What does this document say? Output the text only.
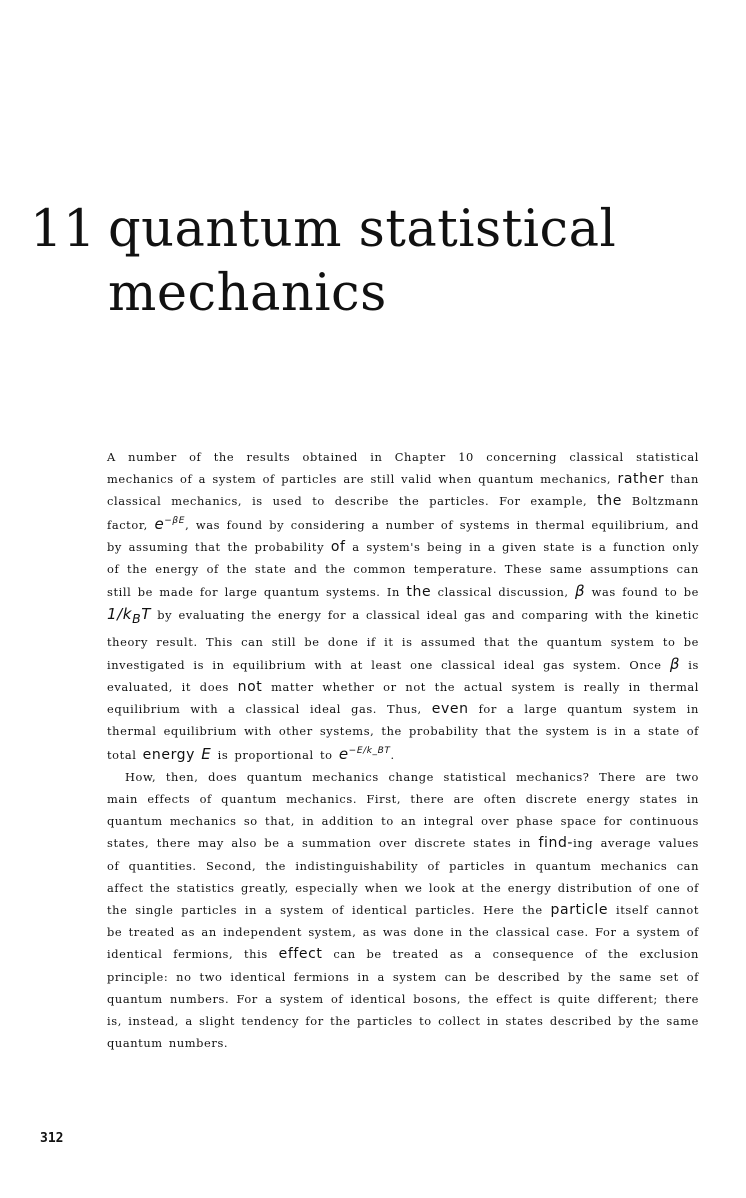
11 quantum statistical
mechanics

A number of the results obtained in Chapter 10 concerning classical statistical mechanics of a system of particles are still valid when quantum mechanics, rather than classical mechanics, is used to describe the particles. For example, the Boltzmann factor, $e^{-\beta E}$, was found by considering a number of systems in thermal equilibrium, and by assuming that the probability of a system's being in a given state is a function only of the energy of the state and the common temperature. These same assumptions can still be made for large quantum systems. In the classical discussion, β was found to be $1/k_BT$ by evaluating the energy for a classical ideal gas and comparing with the kinetic theory result. This can still be done if it is assumed that the quantum system to be investigated is in equilibrium with at least one classical ideal gas system. Once β is evaluated, it does not matter whether or not the actual system is really in thermal equilibrium with a classical ideal gas. Thus, even for a large quantum system in thermal equilibrium with other systems, the probability that the system is in a state of total energy E is proportional to $e^{-E/k\_BT}$.

How, then, does quantum mechanics change statistical mechanics? There are two main effects of quantum mechanics. First, there are often discrete energy states in quantum mechanics so that, in addition to an integral over phase space for continuous states, there may also be a summation over discrete states in find-ing average values of quantities. Second, the indistinguishability of particles in quantum mechanics can affect the statistics greatly, especially when we look at the energy distribution of one of the single particles in a system of identical particles. Here the particle itself cannot be treated as an independent system, as was done in the classical case. For a system of identical fermions, this effect can be treated as a consequence of the exclusion principle: no two identical fermions in a system can be described by the same set of quantum numbers. For a system of identical bosons, the effect is quite different; there is, instead, a slight tendency for the particles to collect in states described by the same quantum numbers.

312
